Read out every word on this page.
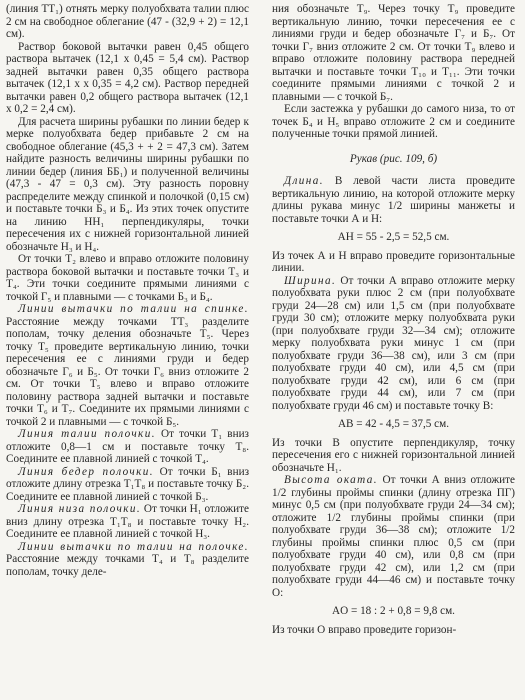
(линия TT₁) отнять мерку полуобхвата талии плюс 2 см на свободное облегание (47 - (32,9 + 2) = 12,1 см).

Раствор боковой вытачки равен 0,45 общего раствора вытачек (12,1 x 0,45 = 5,4 см). Раствор задней вытачки равен 0,35 общего раствора вытачек (12,1 x x 0,35 = 4,2 см). Раствор передней вытачки равен 0,2 общего раствора вытачек (12,1 x 0,2 = 2,4 см).

Для расчета ширины рубашки по линии бедер к мерке полуобхвата бедер прибавьте 2 см на свободное облегание (45,3 + + 2 = 47,3 см). Затем найдите разность величины ширины рубашки по линии бедер (линия ББ₁) и полученной величины (47,3 - 47 = 0,3 см). Эту разность поровну распределите между спинкой и полочкой (0,15 см) и поставьте точки Б₃ и Б₄. Из этих точек опустите на линию НН₁ перпендикуляры, точки пересечения их с нижней горизонтальной линией обозначьте Н₃ и Н₄.

От точки T₂ влево и вправо отложите половину раствора боковой вытачки и поставьте точки T₃ и T₄. Эти точки соедините прямыми линиями с точкой Г₅ и плавными — с точками Б₃ и Б₄.

Линии вытачки по талии на спинке. Расстояние между точками TT₃ разделите пополам, точку деления обозначьте T₅. Через точку T₅ проведите вертикальную линию, точки пересечения ее с линиями груди и бедер обозначьте Г₆ и Б₅. От точки Г₆ вниз отложите 2 см. От точки T₅ влево и вправо отложите половину раствора задней вытачки и поставьте точки T₆ и T₇. Соедините их прямыми линиями с точкой 2 и плавными — с точкой Б₅.

Линия талии полочки. От точки T₁ вниз отложите 0,8—1 см и поставьте точку T₈. Соедините ее плавной линией с точкой T₄.

Линия бедер полочки. От точки Б₁ вниз отложите длину отрезка T₁T₈ и поставьте точку Б₂. Соедините ее плавной линией с точкой Б₃.

Линия низа полочки. От точки H₁ отложите вниз длину отрезка T₁T₈ и поставьте точку H₂. Соедините ее плавной линией с точкой H₃.

Линии вытачки по талии на полочке. Расстояние между точками T₄ и T₈ разделите пополам, точку деле-

ния обозначьте T₉. Через точку T₉ проведите вертикальную линию, точки пересечения ее с линиями груди и бедер обозначьте Г₇ и Б₇. От точки Г₇ вниз отложите 2 см. От точки T₉ влево и вправо отложите половину раствора передней вытачки и поставьте точки T₁₀ и T₁₁. Эти точки соедините прямыми линиями с точкой 2 и плавными — с точкой Б₇.

Если застежка у рубашки до самого низа, то от точек Б₄ и H₅ вправо отложите 2 см и соедините полученные точки прямой линией.

Рукав (рис. 109, б)

Длина. В левой части листа проведите вертикальную линию, на которой отложите мерку длины рукава минус 1/2 ширины манжеты и поставьте точки А и Н:

AH = 55 - 2,5 = 52,5 см.

Из точек А и Н вправо проведите горизонтальные линии.

Ширина. От точки А вправо отложите мерку полуобхвата руки плюс 2 см (при полуобхвате груди 24—28 см) или 1,5 см (при полуобхвате груди 30 см); отложите мерку полуобхвата руки (при полуобхвате груди 32—34 см); отложите мерку полуобхвата руки минус 1 см (при полуобхвате груди 36—38 см), или 3 см (при полуобхвате груди 40 см), или 4,5 см (при полуобхвате груди 42 см), или 6 см (при полуобхвате груди 44 см), или 7 см (при полуобхвате груди 46 см) и поставьте точку В:

AB = 42 - 4,5 = 37,5 см.

Из точки В опустите перпендикуляр, точку пересечения его с нижней горизонтальной линией обозначьте H₁.

Высота оката. От точки А вниз отложите 1/2 глубины проймы спинки (длину отрезка ПГ) минус 0,5 см (при полуобхвате груди 24—34 см); отложите 1/2 глубины проймы спинки (при полуобхвате груди 36—38 см); отложите 1/2 глубины проймы спинки плюс 0,5 см (при полуобхвате груди 40 см), или 0,8 см (при полуобхвате груди 42 см), или 1,2 см (при полуобхвате груди 44—46 см) и поставьте точку О:

AO = 18 : 2 + 0,8 = 9,8 см.

Из точки О вправо проведите горизон-
